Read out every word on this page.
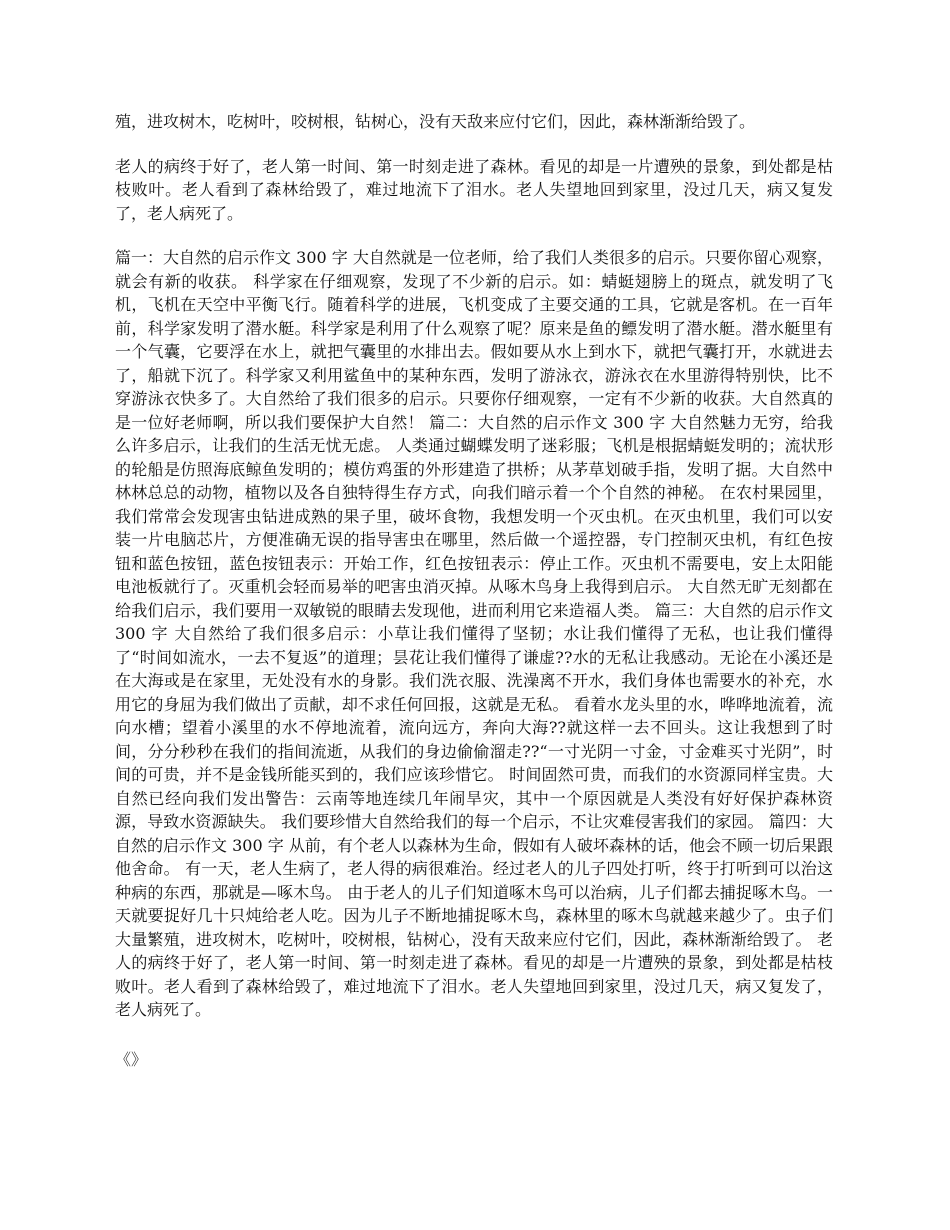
殖，进攻树木，吃树叶，咬树根，钻树心，没有天敌来应付它们，因此，森林渐渐给毁了。

老人的病终于好了，老人第一时间、第一时刻走进了森林。看见的却是一片遭殃的景象，到处都是枯枝败叶。老人看到了森林给毁了，难过地流下了泪水。老人失望地回到家里，没过几天，病又复发了，老人病死了。

篇一：大自然的启示作文 300 字 大自然就是一位老师，给了我们人类很多的启示。只要你留心观察，就会有新的收获。 科学家在仔细观察，发现了不少新的启示。如：蜻蜓翅膀上的斑点，就发明了飞机，飞机在天空中平衡飞行。随着科学的进展，飞机变成了主要交通的工具，它就是客机。在一百年前，科学家发明了潜水艇。科学家是利用了什么观察了呢？原来是鱼的鳔发明了潜水艇。潜水艇里有一个气囊，它要浮在水上，就把气囊里的水排出去。假如要从水上到水下，就把气囊打开，水就进去了，船就下沉了。科学家又利用鲨鱼中的某种东西，发明了游泳衣，游泳衣在水里游得特别快，比不穿游泳衣快多了。大自然给了我们很多的启示。只要你仔细观察，一定有不少新的收获。大自然真的是一位好老师啊，所以我们要保护大自然！ 篇二：大自然的启示作文 300 字 大自然魅力无穷，给我么许多启示，让我们的生活无忧无虑。 人类通过蝴蝶发明了迷彩服；飞机是根据蜻蜓发明的；流状形的轮船是仿照海底鲸鱼发明的；模仿鸡蛋的外形建造了拱桥；从茅草划破手指，发明了据。大自然中林林总总的动物，植物以及各自独特得生存方式，向我们暗示着一个个自然的神秘。 在农村果园里，我们常常会发现害虫钻进成熟的果子里，破坏食物，我想发明一个灭虫机。在灭虫机里，我们可以安装一片电脑芯片，方便准确无误的指导害虫在哪里，然后做一个遥控器，专门控制灭虫机，有红色按钮和蓝色按钮，蓝色按钮表示：开始工作，红色按钮表示：停止工作。灭虫机不需要电，安上太阳能电池板就行了。灭重机会轻而易举的吧害虫消灭掉。从啄木鸟身上我得到启示。 大自然无旷无刻都在给我们启示，我们要用一双敏锐的眼睛去发现他，进而利用它来造福人类。 篇三：大自然的启示作文 300 字 大自然给了我们很多启示：小草让我们懂得了坚韧；水让我们懂得了无私，也让我们懂得了“时间如流水，一去不复返”的道理；昙花让我们懂得了谦虚??水的无私让我感动。无论在小溪还是在大海或是在家里，无处没有水的身影。我们洗衣服、洗澡离不开水，我们身体也需要水的补充，水用它的身屈为我们做出了贡献，却不求任何回报，这就是无私。 看着水龙头里的水，哗哗地流着，流向水槽；望着小溪里的水不停地流着，流向远方，奔向大海??就这样一去不回头。这让我想到了时间，分分秒秒在我们的指间流逝，从我们的身边偷偷溜走??“一寸光阴一寸金，寸金难买寸光阴”，时间的可贵，并不是金钱所能买到的，我们应该珍惜它。 时间固然可贵，而我们的水资源同样宝贵。大自然已经向我们发出警告：云南等地连续几年闹旱灾，其中一个原因就是人类没有好好保护森林资源，导致水资源缺失。 我们要珍惜大自然给我们的每一个启示，不让灾难侵害我们的家园。 篇四：大自然的启示作文 300 字 从前，有个老人以森林为生命，假如有人破坏森林的话，他会不顾一切后果跟他舍命。 有一天，老人生病了，老人得的病很难治。经过老人的儿子四处打听，终于打听到可以治这种病的东西，那就是—啄木鸟。 由于老人的儿子们知道啄木鸟可以治病，儿子们都去捕捉啄木鸟。一天就要捉好几十只炖给老人吃。因为儿子不断地捕捉啄木鸟，森林里的啄木鸟就越来越少了。虫子们大量繁殖，进攻树木，吃树叶，咬树根，钻树心，没有天敌来应付它们，因此，森林渐渐给毁了。 老人的病终于好了，老人第一时间、第一时刻走进了森林。看见的却是一片遭殃的景象，到处都是枯枝败叶。老人看到了森林给毁了，难过地流下了泪水。老人失望地回到家里，没过几天，病又复发了，老人病死了。

《》
